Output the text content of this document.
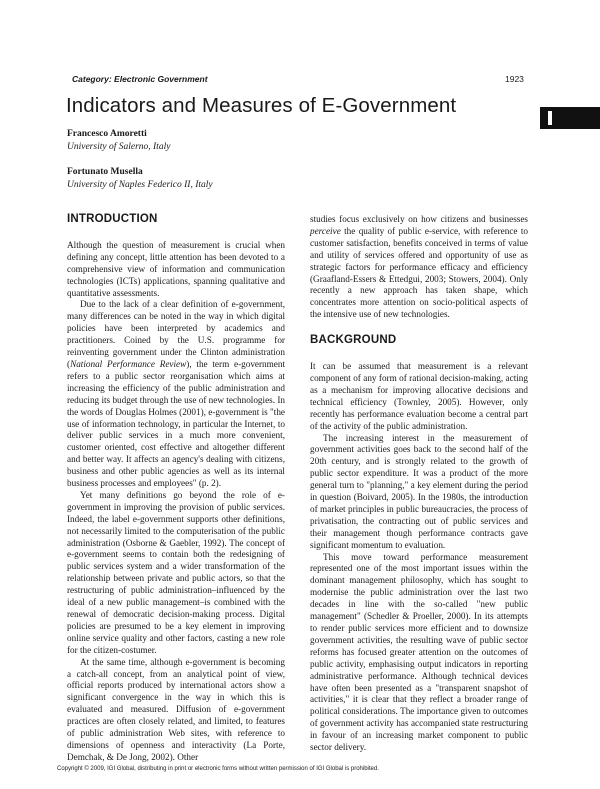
Category: Electronic Government	1923
Indicators and Measures of E-Government
Francesco Amoretti
University of Salerno, Italy
Fortunato Musella
University of Naples Federico II, Italy
INTRODUCTION

Although the question of measurement is crucial when defining any concept, little attention has been devoted to a comprehensive view of information and communication technologies (ICTs) applications, spanning qualitative and quantitative assessments.

Due to the lack of a clear definition of e-government, many differences can be noted in the way in which digital policies have been interpreted by academics and practitioners. Coined by the U.S. programme for reinventing government under the Clinton administration (National Performance Review), the term e-government refers to a public sector reorganisation which aims at increasing the efficiency of the public administration and reducing its budget through the use of new technologies. In the words of Douglas Holmes (2001), e-government is "the use of information technology, in particular the Internet, to deliver public services in a much more convenient, customer oriented, cost effective and altogether different and better way. It affects an agency's dealing with citizens, business and other public agencies as well as its internal business processes and employees" (p. 2).

Yet many definitions go beyond the role of e-government in improving the provision of public services. Indeed, the label e-government supports other definitions, not necessarily limited to the computerisation of the public administration (Osborne & Gaebler, 1992). The concept of e-government seems to contain both the redesigning of public services system and a wider transformation of the relationship between private and public actors, so that the restructuring of public administration–influenced by the ideal of a new public management–is combined with the renewal of democratic decision-making process. Digital policies are presumed to be a key element in improving online service quality and other factors, casting a new role for the citizen-costumer.

At the same time, although e-government is becoming a catch-all concept, from an analytical point of view, official reports produced by international actors show a significant convergence in the way in which this is evaluated and measured. Diffusion of e-government practices are often closely related, and limited, to features of public administration Web sites, with reference to dimensions of openness and interactivity (La Porte, Demchak, & De Jong, 2002). Other

studies focus exclusively on how citizens and businesses perceive the quality of public e-service, with reference to customer satisfaction, benefits conceived in terms of value and utility of services offered and opportunity of use as strategic factors for performance efficacy and efficiency (Graafland-Essers & Ettedgui, 2003; Stowers, 2004). Only recently a new approach has taken shape, which concentrates more attention on socio-political aspects of the intensive use of new technologies.

BACKGROUND

It can be assumed that measurement is a relevant component of any form of rational decision-making, acting as a mechanism for improving allocative decisions and technical efficiency (Townley, 2005). However, only recently has performance evaluation become a central part of the activity of the public administration.

The increasing interest in the measurement of government activities goes back to the second half of the 20th century, and is strongly related to the growth of public sector expenditure. It was a product of the more general turn to "planning," a key element during the period in question (Boivard, 2005). In the 1980s, the introduction of market principles in public bureaucracies, the process of privatisation, the contracting out of public services and their management though performance contracts gave significant momentum to evaluation.

This move toward performance measurement represented one of the most important issues within the dominant management philosophy, which has sought to modernise the public administration over the last two decades in line with the so-called "new public management" (Schedler & Proeller, 2000). In its attempts to render public services more efficient and to downsize government activities, the resulting wave of public sector reforms has focused greater attention on the outcomes of public activity, emphasising output indicators in reporting administrative performance. Although technical devices have often been presented as a "transparent snapshot of activities," it is clear that they reflect a broader range of political considerations. The importance given to outcomes of government activity has accompanied state restructuring in favour of an increasing market component to public sector delivery.

Copyright © 2009, IGI Global, distributing in print or electronic forms without written permission of IGI Global is prohibited.
